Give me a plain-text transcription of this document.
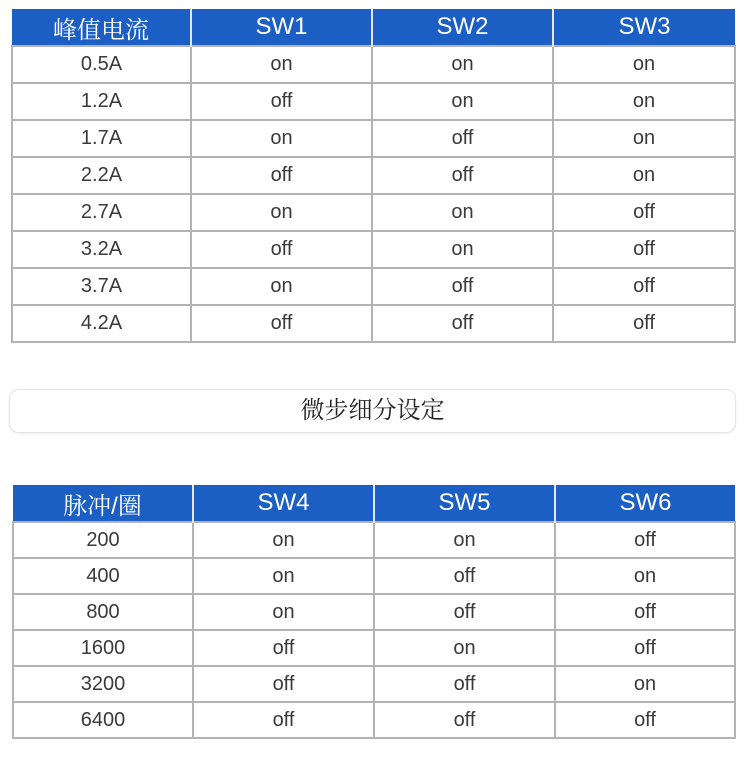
峰值电流	SW1	SW2	SW3
0.5A	on	on	on
1.2A	off	on	on
1.7A	on	off	on
2.2A	off	off	on
2.7A	on	on	off
3.2A	off	on	off
3.7A	on	off	off
4.2A	off	off	off
微步细分设定
脉冲/圈	SW4	SW5	SW6
200	on	on	off
400	on	off	on
800	on	off	off
1600	off	on	off
3200	off	off	on
6400	off	off	off
